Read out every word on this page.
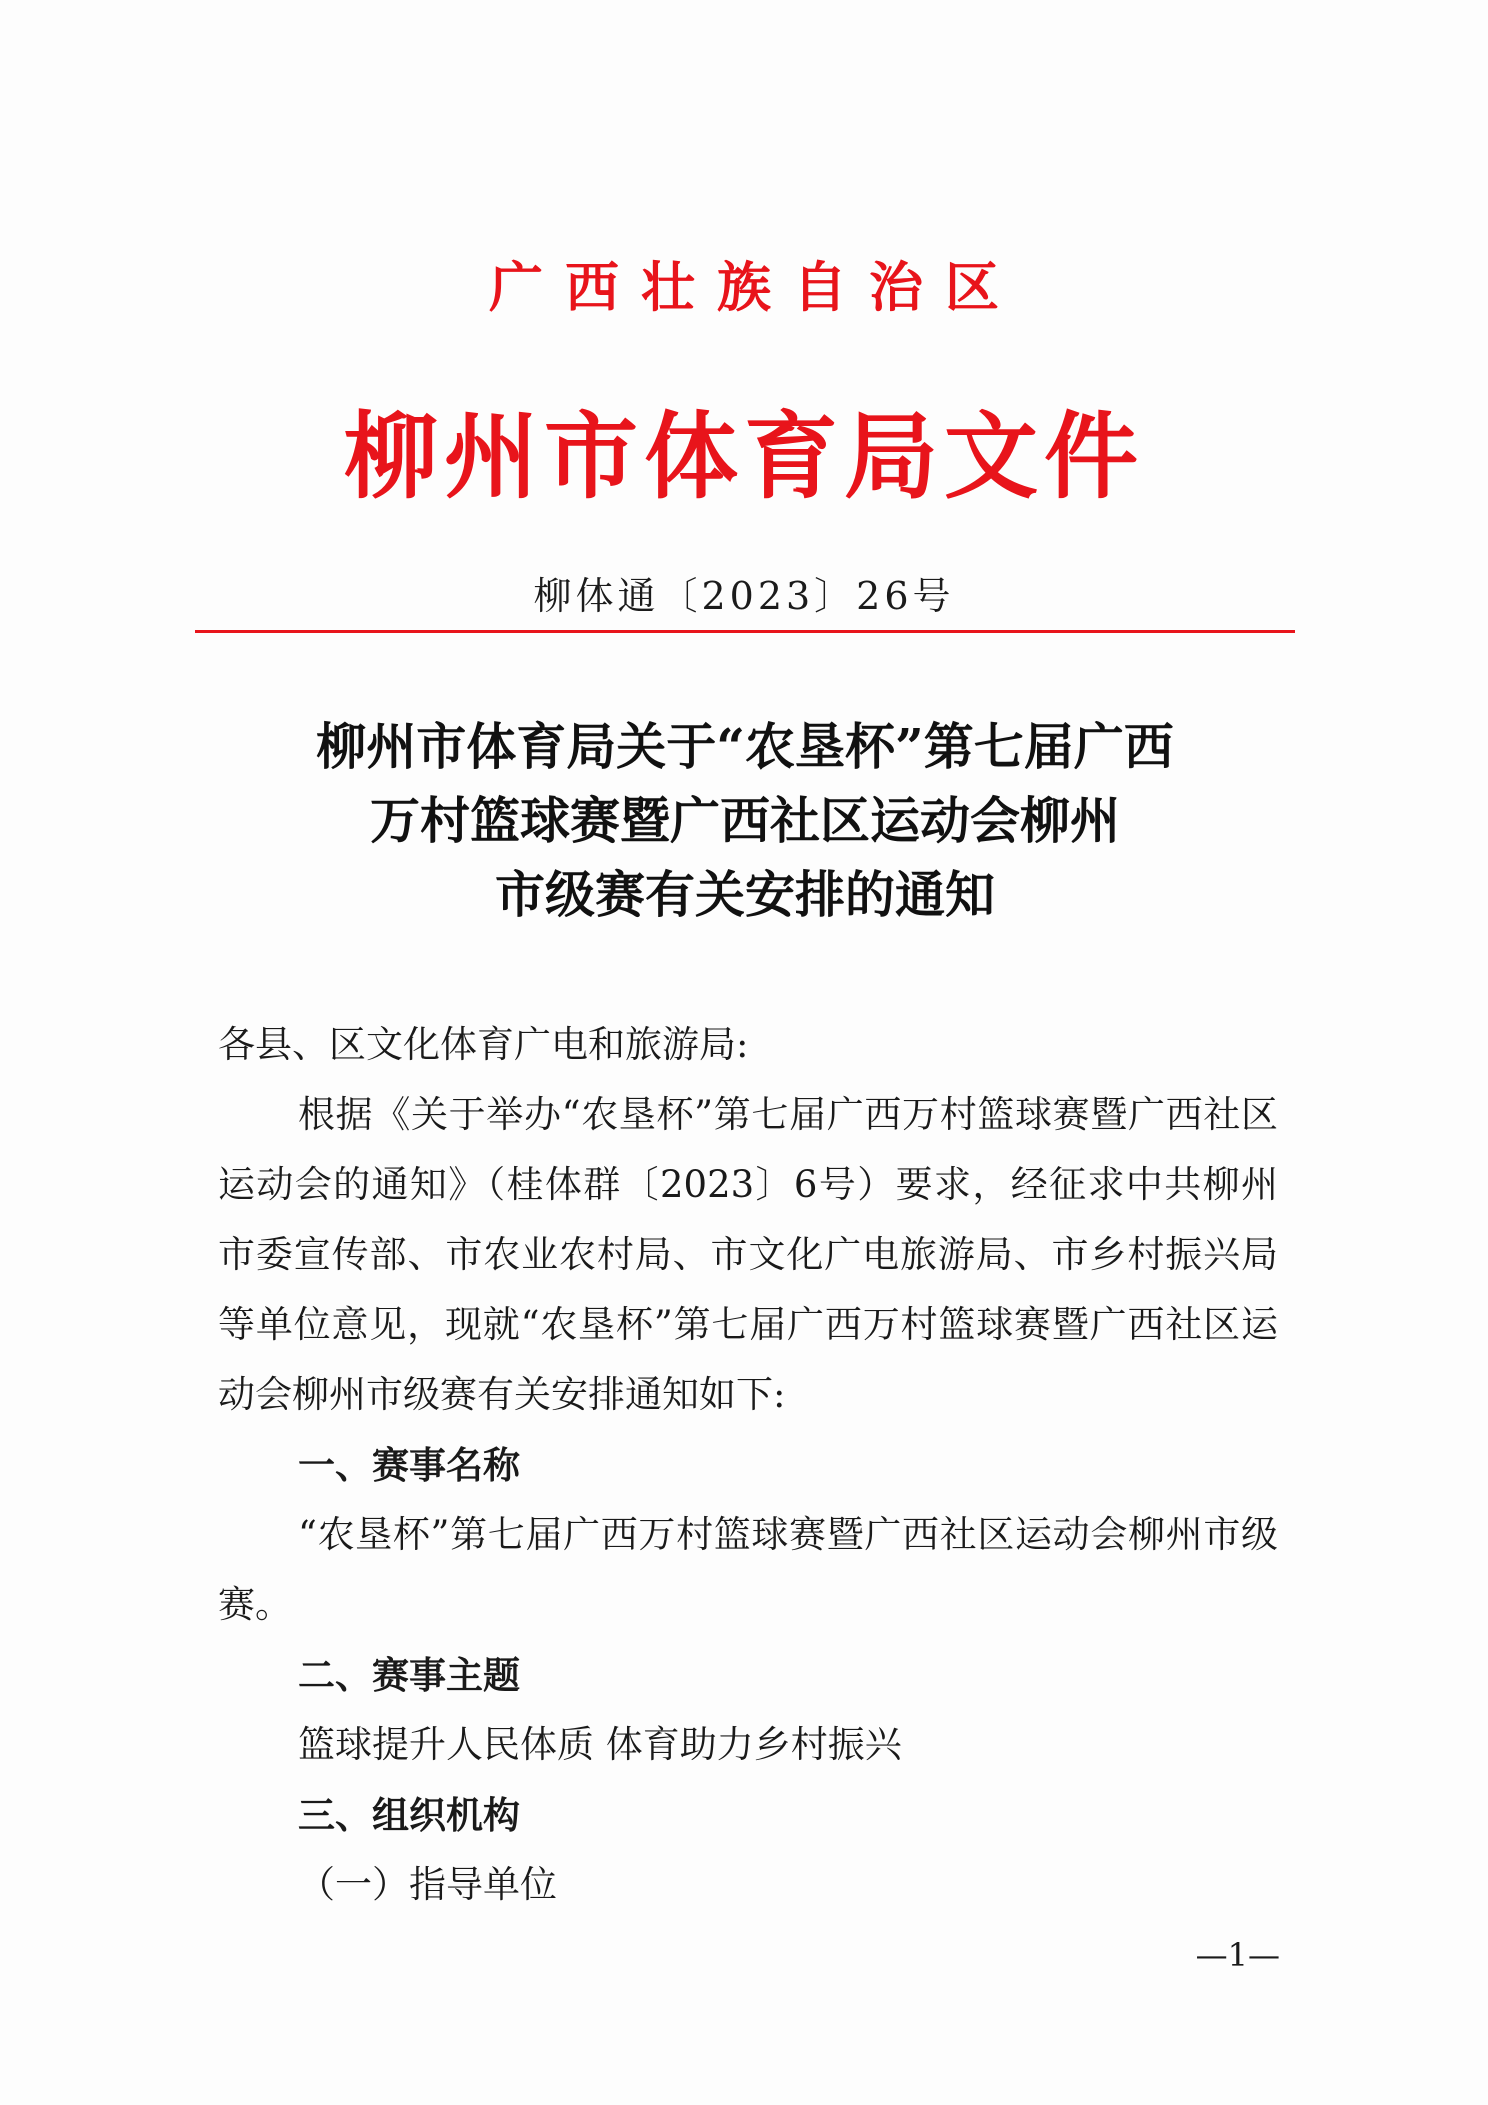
广西壮族自治区
柳州市体育局文件
柳体通〔2023〕26号
柳州市体育局关于“农垦杯”第七届广西
万村篮球赛暨广西社区运动会柳州
市级赛有关安排的通知

各县、区文化体育广电和旅游局:

根据《关于举办“农垦杯”第七届广西万村篮球赛暨广西社区运动会的通知》（桂体群〔2023〕6号）要求，经征求中共柳州市委宣传部、市农业农村局、市文化广电旅游局、市乡村振兴局等单位意见，现就“农垦杯”第七届广西万村篮球赛暨广西社区运动会柳州市级赛有关安排通知如下:

一、赛事名称

“农垦杯”第七届广西万村篮球赛暨广西社区运动会柳州市级赛。

二、赛事主题

篮球提升人民体质 体育助力乡村振兴

三、组织机构

（一）指导单位

—1—
